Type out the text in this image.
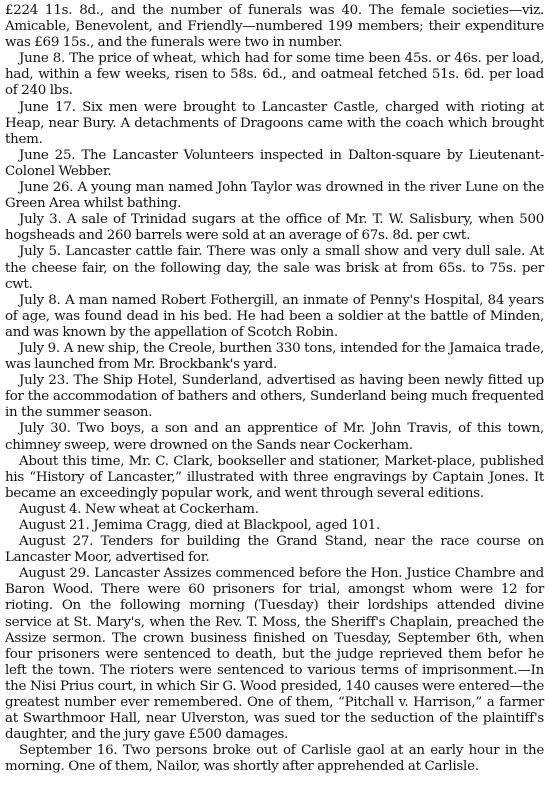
£224 11s. 8d., and the number of funerals was 40. The female societies—viz. Amicable, Benevolent, and Friendly—numbered 199 members; their expenditure was £69 15s., and the funerals were two in number.

June 8. The price of wheat, which had for some time been 45s. or 46s. per load, had, within a few weeks, risen to 58s. 6d., and oatmeal fetched 51s. 6d. per load of 240 lbs.

June 17. Six men were brought to Lancaster Castle, charged with rioting at Heap, near Bury. A detachments of Dragoons came with the coach which brought them.

June 25. The Lancaster Volunteers inspected in Dalton-square by Lieutenant-Colonel Webber.

June 26. A young man named John Taylor was drowned in the river Lune on the Green Area whilst bathing.

July 3. A sale of Trinidad sugars at the office of Mr. T. W. Salisbury, when 500 hogsheads and 260 barrels were sold at an average of 67s. 8d. per cwt.

July 5. Lancaster cattle fair. There was only a small show and very dull sale. At the cheese fair, on the following day, the sale was brisk at from 65s. to 75s. per cwt.

July 8. A man named Robert Fothergill, an inmate of Penny's Hospital, 84 years of age, was found dead in his bed. He had been a soldier at the battle of Minden, and was known by the appellation of Scotch Robin.

July 9. A new ship, the Creole, burthen 330 tons, intended for the Jamaica trade, was launched from Mr. Brockbank's yard.

July 23. The Ship Hotel, Sunderland, advertised as having been newly fitted up for the accommodation of bathers and others, Sunderland being much frequented in the summer season.

July 30. Two boys, a son and an apprentice of Mr. John Travis, of this town, chimney sweep, were drowned on the Sands near Cockerham.

About this time, Mr. C. Clark, bookseller and stationer, Market-place, published his “History of Lancaster,” illustrated with three engravings by Captain Jones. It became an exceedingly popular work, and went through several editions.

August 4. New wheat at Cockerham.

August 21. Jemima Cragg, died at Blackpool, aged 101.

August 27. Tenders for building the Grand Stand, near the race course on Lancaster Moor, advertised for.

August 29. Lancaster Assizes commenced before the Hon. Justice Chambre and Baron Wood. There were 60 prisoners for trial, amongst whom were 12 for rioting. On the following morning (Tuesday) their lordships attended divine service at St. Mary's, when the Rev. T. Moss, the Sheriff's Chaplain, preached the Assize sermon. The crown business finished on Tuesday, September 6th, when four prisoners were sentenced to death, but the judge reprieved them befor he left the town. The rioters were sentenced to various terms of imprisonment.—In the Nisi Prius court, in which Sir G. Wood presided, 140 causes were entered—the greatest number ever remembered. One of them, “Pitchall v. Harrison,” a farmer at Swarthmoor Hall, near Ulverston, was sued tor the seduction of the plaintiff's daughter, and the jury gave £500 damages.

September 16. Two persons broke out of Carlisle gaol at an early hour in the morning. One of them, Nailor, was shortly after apprehended at Carlisle.
